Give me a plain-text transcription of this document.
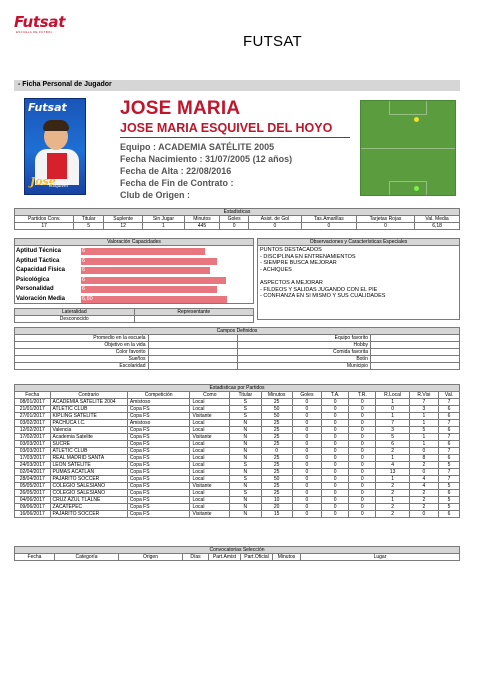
Futsat
ESCUELA DE FUTBOL
FUTSAT
- Ficha Personal de Jugador
Futsat
Jose
Esquivel
JOSE MARIA
JOSE MARIA ESQUIVEL DEL HOYO
Equipo : ACADEMIA SATÉLITE 2005
Fecha Nacimiento : 31/07/2005 (12 años)
Fecha de Alta : 22/08/2016
Fecha de Fin de Contrato :
Club de Origen :
Estadisticas									
Partidos Conv.	Titular	Suplente	Sin Jugar	Minutos	Goles	Asist. de Gol	Tas.Amarillas	Tarjetas Rojas	Val. Media
17	5	12	1	445	0	0	0	0	6,18
Valoración Capacidades
Aptitud Técnica	6
Aptitud Táctica	6
Capacidad Física	6
Psicológica	6
Personalidad	6
Valoración Media	6,60
Lateralidad	Representante
Desconocido	
Observaciones y Características Especiales
PUNTOS DESTACADOS
- DISCIPLINA EN ENTRENAMIENTOS
- SIEMPRE BUSCA MEJORAR
- ACHIQUES

ASPECTOS A MEJORAR
- FILDEOS Y SALIDAS JUGANDO CON EL PIE
- CONFIANZA EN SI MISMO Y SUS CUALIDADES
Campos Definidos			
Promedio en la escuela		Equipo favorito	
Objetivo en la vida		Hobby	
Color favorito		Comida favorita	
Sueños		Botín	
Escolaridad		Municipio	
Estadisticas por Partidos											
Fecha	Contrario	Competición	Como	Titular	Minutos	Goles	T.A.	T.R.	R.Local	R.Visi	Val.
08/01/2017	ACADEMIA SATELITE 2004	Amistoso	Local	S	25	0	0	0	1	7	7
21/01/2017	ATLETIC CLUB	Copa FS	Local	S	50	0	0	0	0	3	6
27/01/2017	KIPLING SATELITE	Copa FS	Visitante	S	50	0	0	0	1	1	6
03/02/2017	PACHUCA I.C.	Amistoso	Local	N	25	0	0	0	7	1	7
12/02/2017	Valencia	Copa FS	Local	N	25	0	0	0	3	5	6
17/02/2017	Academia Satelite	Copa FS	Visitante	N	25	0	0	0	5	1	7
03/03/2017	SUCRE	Copa FS	Local	N	25	0	0	0	6	1	6
03/03/2017	ATLETIC CLUB	Copa FS	Local	N	0	0	0	0	2	0	7
17/03/2017	REAL MADRID SANTA	Copa FS	Local	N	25	0	0	0	1	8	6
24/03/2017	LEON SATELITE	Copa FS	Local	S	25	0	0	0	4	2	5
02/04/2017	PUMAS ACATLAN	Copa FS	Local	N	25	0	0	0	13	0	7
28/04/2017	PAJARITO SOCCER	Copa FS	Local	S	50	0	0	0	1	4	7
05/05/2017	COLEGIO SALESIANO	Copa FS	Visitante	N	25	0	0	0	2	4	5
26/05/2017	COLEGIO SALESIANO	Copa FS	Local	S	25	0	0	0	2	2	6
04/06/2017	CRUZ AZUL TLALNE	Copa FS	Local	N	10	0	0	0	1	2	5
09/06/2017	ZACATEPEC	Copa FS	Local	N	20	0	0	0	2	2	5
16/06/2017	PAJARITO SOCCER	Copa FS	Visitante	N	15	0	0	0	2	0	6
Convocatorias Selección
Fecha	Categoría	Origen	Días	Part.Amist	Part.Oficial	Minutos	Lugar
